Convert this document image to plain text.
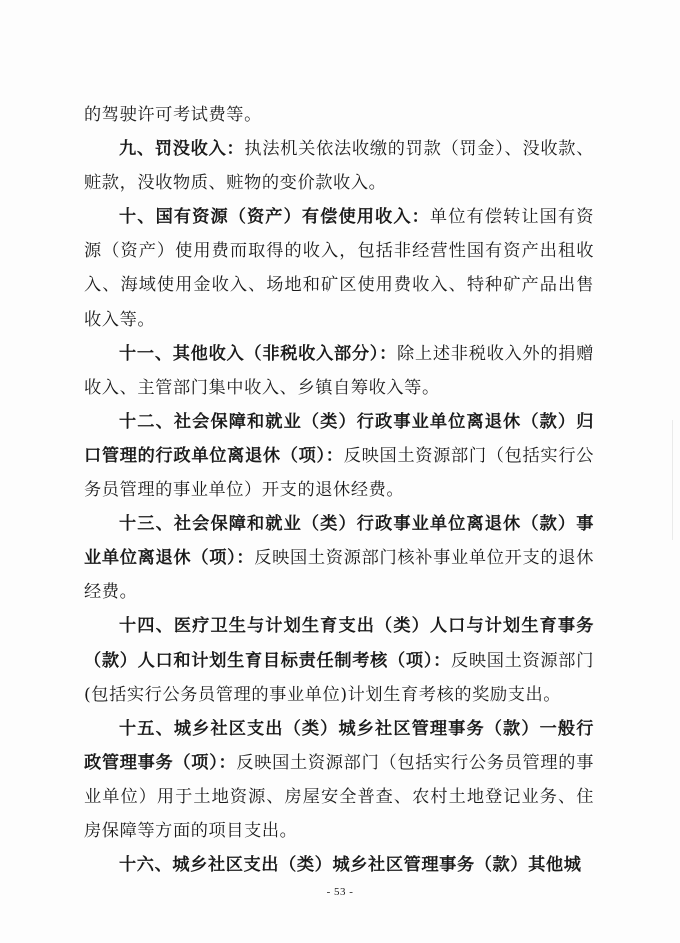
的驾驶许可考试费等。

九、罚没收入：执法机关依法收缴的罚款（罚金）、没收款、赃款，没收物质、赃物的变价款收入。

十、国有资源（资产）有偿使用收入：单位有偿转让国有资源（资产）使用费而取得的收入，包括非经营性国有资产出租收入、海域使用金收入、场地和矿区使用费收入、特种矿产品出售收入等。

十一、其他收入（非税收入部分）：除上述非税收入外的捐赠收入、主管部门集中收入、乡镇自筹收入等。

十二、社会保障和就业（类）行政事业单位离退休（款）归口管理的行政单位离退休（项）：反映国土资源部门（包括实行公务员管理的事业单位）开支的退休经费。

十三、社会保障和就业（类）行政事业单位离退休（款）事业单位离退休（项）：反映国土资源部门核补事业单位开支的退休经费。

十四、医疗卫生与计划生育支出（类）人口与计划生育事务（款）人口和计划生育目标责任制考核（项）：反映国土资源部门(包括实行公务员管理的事业单位)计划生育考核的奖励支出。

十五、城乡社区支出（类）城乡社区管理事务（款）一般行政管理事务（项）：反映国土资源部门（包括实行公务员管理的事业单位）用于土地资源、房屋安全普查、农村土地登记业务、住房保障等方面的项目支出。

十六、城乡社区支出（类）城乡社区管理事务（款）其他城

- 53 -
